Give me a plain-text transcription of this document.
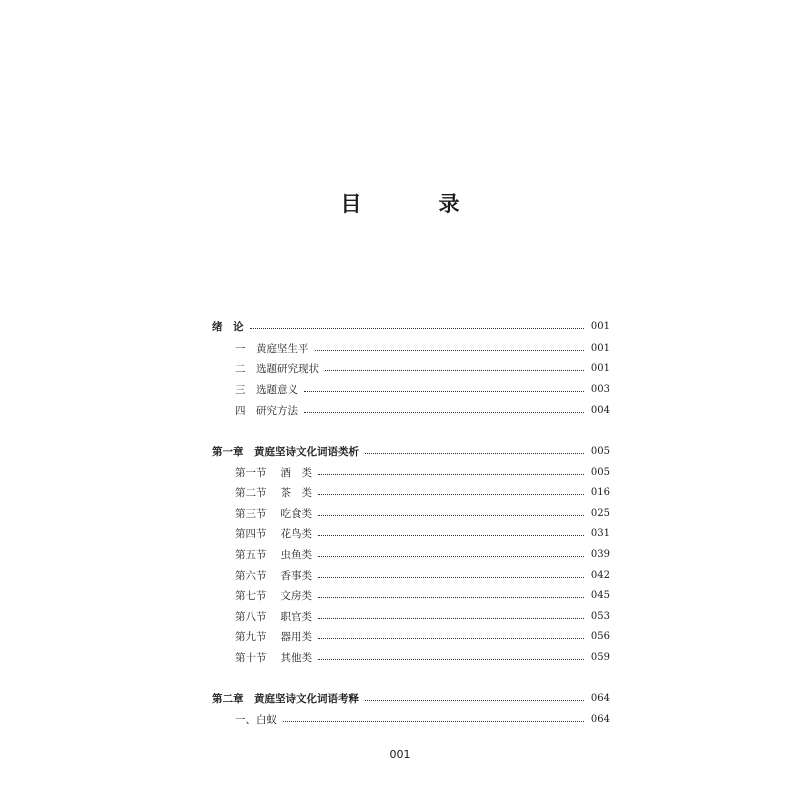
目　录
绪　论	001
一　黄庭坚生平	001
二　选题研究现状	001
三　选题意义	003
四　研究方法	004
第一章　黄庭坚诗文化词语类析	005
第一节 酒　类	005
第二节 茶　类	016
第三节 吃食类	025
第四节 花鸟类	031
第五节 虫鱼类	039
第六节 香事类	042
第七节 文房类	045
第八节 职官类	053
第九节 器用类	056
第十节 其他类	059
第二章　黄庭坚诗文化词语考释	064
一、白蚁	064
001
